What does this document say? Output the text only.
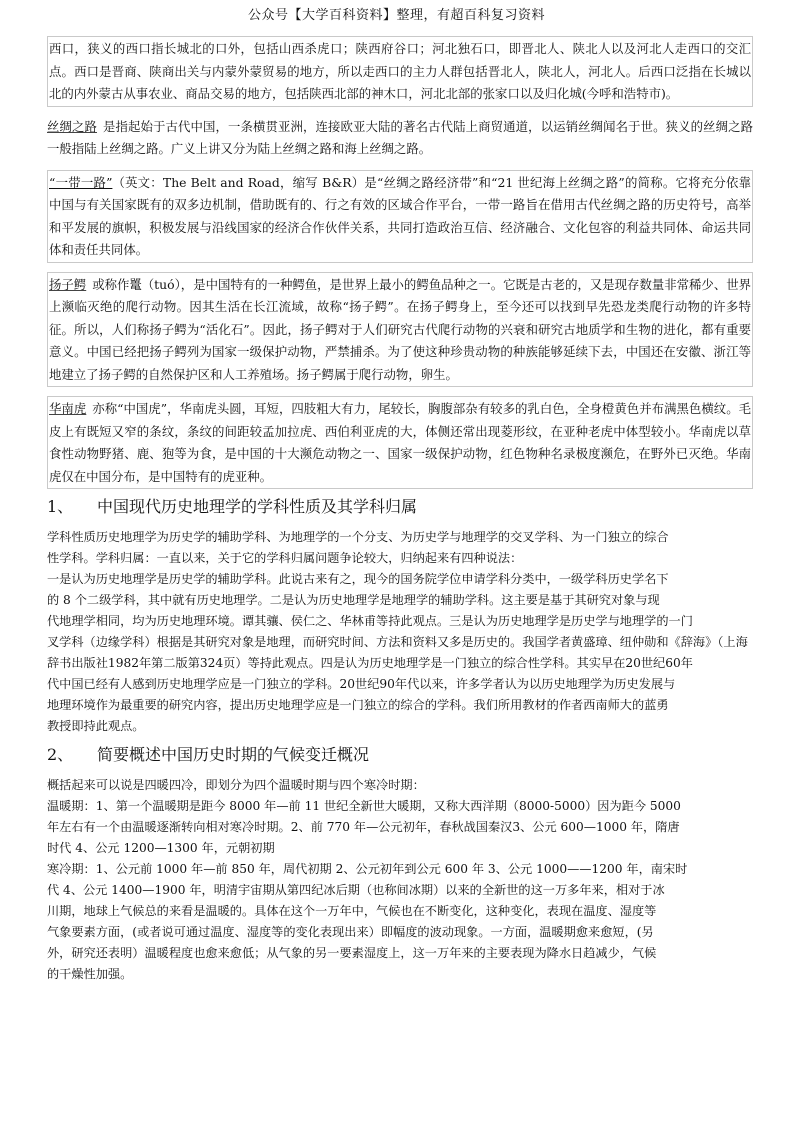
公众号【大学百科资料】整理，有超百科复习资料
西口，狭义的西口指长城北的口外，包括山西杀虎口；陕西府谷口；河北独石口，即晋北人、陕北人以及河北人走西口的交汇点。西口是晋商、陕商出关与内蒙外蒙贸易的地方，所以走西口的主力人群包括晋北人，陕北人，河北人。后西口泛指在长城以北的内外蒙古从事农业、商品交易的地方，包括陕西北部的神木口，河北北部的张家口以及归化城(今呼和浩特市)。
丝绸之路 是指起始于古代中国，一条横贯亚洲，连接欧亚大陆的著名古代陆上商贸通道，以运销丝绸闻名于世。狭义的丝绸之路一般指陆上丝绸之路。广义上讲又分为陆上丝绸之路和海上丝绸之路。
“一带一路” （英文：The Belt and Road，缩写 B&R）是“丝绸之路经济带”和“21 世纪海上丝绸之路”的简称。它将充分依靠中国与有关国家既有的双多边机制，借助既有的、行之有效的区域合作平台，一带一路旨在借用古代丝绸之路的历史符号，高举和平发展的旗帜，积极发展与沿线国家的经济合作伙伴关系，共同打造政治互信、经济融合、文化包容的利益共同体、命运共同体和责任共同体。
扬子鳄 或称作鼍（tuó），是中国特有的一种鳄鱼，是世界上最小的鳄鱼品种之一。它既是古老的，又是现存数量非常稀少、世界上濒临灭绝的爬行动物。因其生活在长江流域，故称“扬子鳄”。在扬子鳄身上，至今还可以找到早先恐龙类爬行动物的许多特征。所以，人们称扬子鳄为“活化石”。因此，扬子鳄对于人们研究古代爬行动物的兴衰和研究古地质学和生物的进化，都有重要意义。中国已经把扬子鳄列为国家一级保护动物，严禁捕杀。为了使这种珍贵动物的种族能够延续下去，中国还在安徽、浙江等地建立了扬子鳄的自然保护区和人工养殖场。扬子鳄属于爬行动物，卵生。
华南虎 亦称“中国虎”，华南虎头圆，耳短，四肢粗大有力，尾较长，胸腹部杂有较多的乳白色，全身橙黄色并布满黑色横纹。毛皮上有既短又窄的条纹，条纹的间距较孟加拉虎、西伯利亚虎的大，体侧还常出现菱形纹，在亚种老虎中体型较小。华南虎以草食性动物野猪、鹿、狍等为食，是中国的十大濒危动物之一、国家一级保护动物，红色物种名录极度濒危，在野外已灭绝。华南虎仅在中国分布，是中国特有的虎亚种。
1、	中国现代历史地理学的学科性质及其学科归属
学科性质历史地理学为历史学的辅助学科、为地理学的一个分支、为历史学与地理学的交叉学科、为一门独立的综合
性学科。学科归属：一直以来，关于它的学科归属问题争论较大，归纳起来有四种说法：
一是认为历史地理学是历史学的辅助学科。此说古来有之，现今的国务院学位申请学科分类中，一级学科历史学名下
的 8 个二级学科，其中就有历史地理学。二是认为历史地理学是地理学的辅助学科。这主要是基于其研究对象与现
代地理学相同，均为历史地理环境。谭其骧、侯仁之、华林甫等持此观点。三是认为历史地理学是历史学与地理学的一门
叉学科（边缘学科）根据是其研究对象是地理，而研究时间、方法和资料又多是历史的。我国学者黄盛璋、纽仲勋和《辞海》（上海
辞书出版社1982年第二版第324页）等持此观点。四是认为历史地理学是一门独立的综合性学科。其实早在20世纪60年
代中国已经有人感到历史地理学应是一门独立的学科。20世纪90年代以来，许多学者认为以历史地理学为历史发展与
地理环境作为最重要的研究内容，提出历史地理学应是一门独立的综合的学科。我们所用教材的作者西南师大的蓝勇
教授即持此观点。
2、	简要概述中国历史时期的气候变迁概况
概括起来可以说是四暖四冷，即划分为四个温暖时期与四个寒冷时期：
温暖期：1、第一个温暖期是距今 8000 年—前 11 世纪全新世大暖期，又称大西洋期（8000-5000）因为距今 5000
年左右有一个由温暖逐渐转向相对寒冷时期。2、前 770 年—公元初年，春秋战国秦汉3、公元 600—1000 年，隋唐
时代 4、公元 1200—1300 年，元朝初期
寒冷期：1、公元前 1000 年—前 850 年，周代初期 2、公元初年到公元 600 年 3、公元 1000——1200 年，南宋时
代 4、公元 1400—1900 年，明清宇宙期从第四纪冰后期（也称间冰期）以来的全新世的这一万多年来，相对于冰
川期，地球上气候总的来看是温暖的。具体在这个一万年中，气候也在不断变化，这种变化，表现在温度、湿度等
气象要素方面，(或者说可通过温度、湿度等的变化表现出来）即幅度的波动现象。一方面，温暖期愈来愈短，(另
外，研究还表明）温暖程度也愈来愈低；从气象的另一要素湿度上，这一万年来的主要表现为降水日趋减少，气候
的干燥性加强。
